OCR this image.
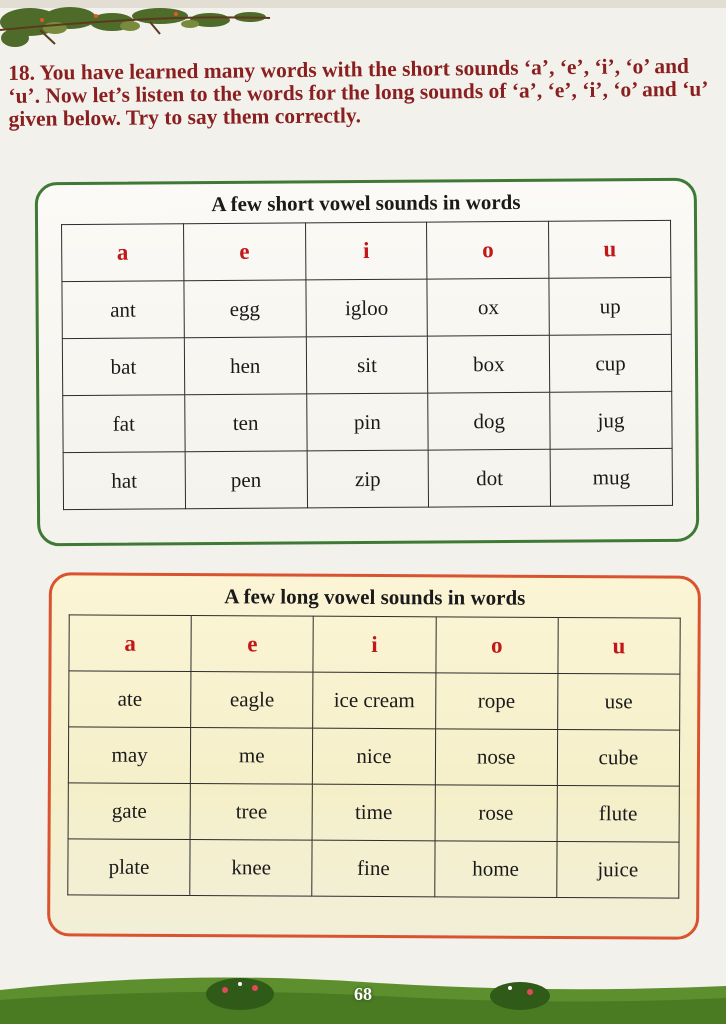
18. You have learned many words with the short sounds ‘a’, ‘e’, ‘i’, ‘o’ and ‘u’. Now let’s listen to the words for the long sounds of ‘a’, ‘e’, ‘i’, ‘o’ and ‘u’ given below. Try to say them correctly.

A few short vowel sounds in words
a	e	i	o	u
ant	egg	igloo	ox	up
bat	hen	sit	box	cup
fat	ten	pin	dog	jug
hat	pen	zip	dot	mug
A few long vowel sounds in words
a	e	i	o	u
ate	eagle	ice cream	rope	use
may	me	nice	nose	cube
gate	tree	time	rose	flute
plate	knee	fine	home	juice
68
